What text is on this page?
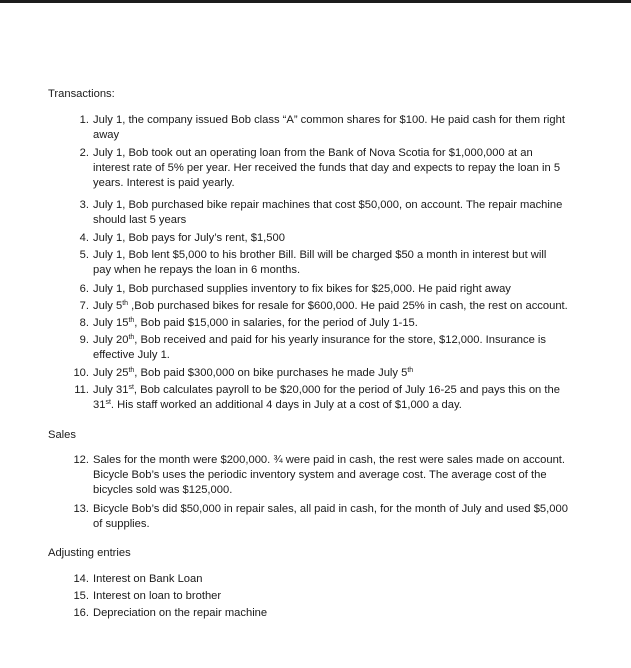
Transactions:
1. July 1, the company issued Bob class “A” common shares for $100. He paid cash for them right
away
2. July 1, Bob took out an operating loan from the Bank of Nova Scotia for $1,000,000 at an
interest rate of 5% per year. Her received the funds that day and expects to repay the loan in 5
years. Interest is paid yearly.
3. July 1, Bob purchased bike repair machines that cost $50,000, on account. The repair machine
should last 5 years
4. July 1, Bob pays for July’s rent, $1,500
5. July 1, Bob lent $5,000 to his brother Bill. Bill will be charged $50 a month in interest but will
pay when he repays the loan in 6 months.
6. July 1, Bob purchased supplies inventory to fix bikes for $25,000. He paid right away
7. July 5th ,Bob purchased bikes for resale for $600,000. He paid 25% in cash, the rest on account.
8. July 15th, Bob paid $15,000 in salaries, for the period of July 1-15.
9. July 20th, Bob received and paid for his yearly insurance for the store, $12,000. Insurance is
effective July 1.
10. July 25th, Bob paid $300,000 on bike purchases he made July 5th
11. July 31st, Bob calculates payroll to be $20,000 for the period of July 16-25 and pays this on the
31st. His staff worked an additional 4 days in July at a cost of $1,000 a day.
Sales
12. Sales for the month were $200,000. ¾ were paid in cash, the rest were sales made on account.
Bicycle Bob’s uses the periodic inventory system and average cost. The average cost of the
bicycles sold was $125,000.
13. Bicycle Bob’s did $50,000 in repair sales, all paid in cash, for the month of July and used $5,000
of supplies.
Adjusting entries
14. Interest on Bank Loan
15. Interest on loan to brother
16. Depreciation on the repair machine
